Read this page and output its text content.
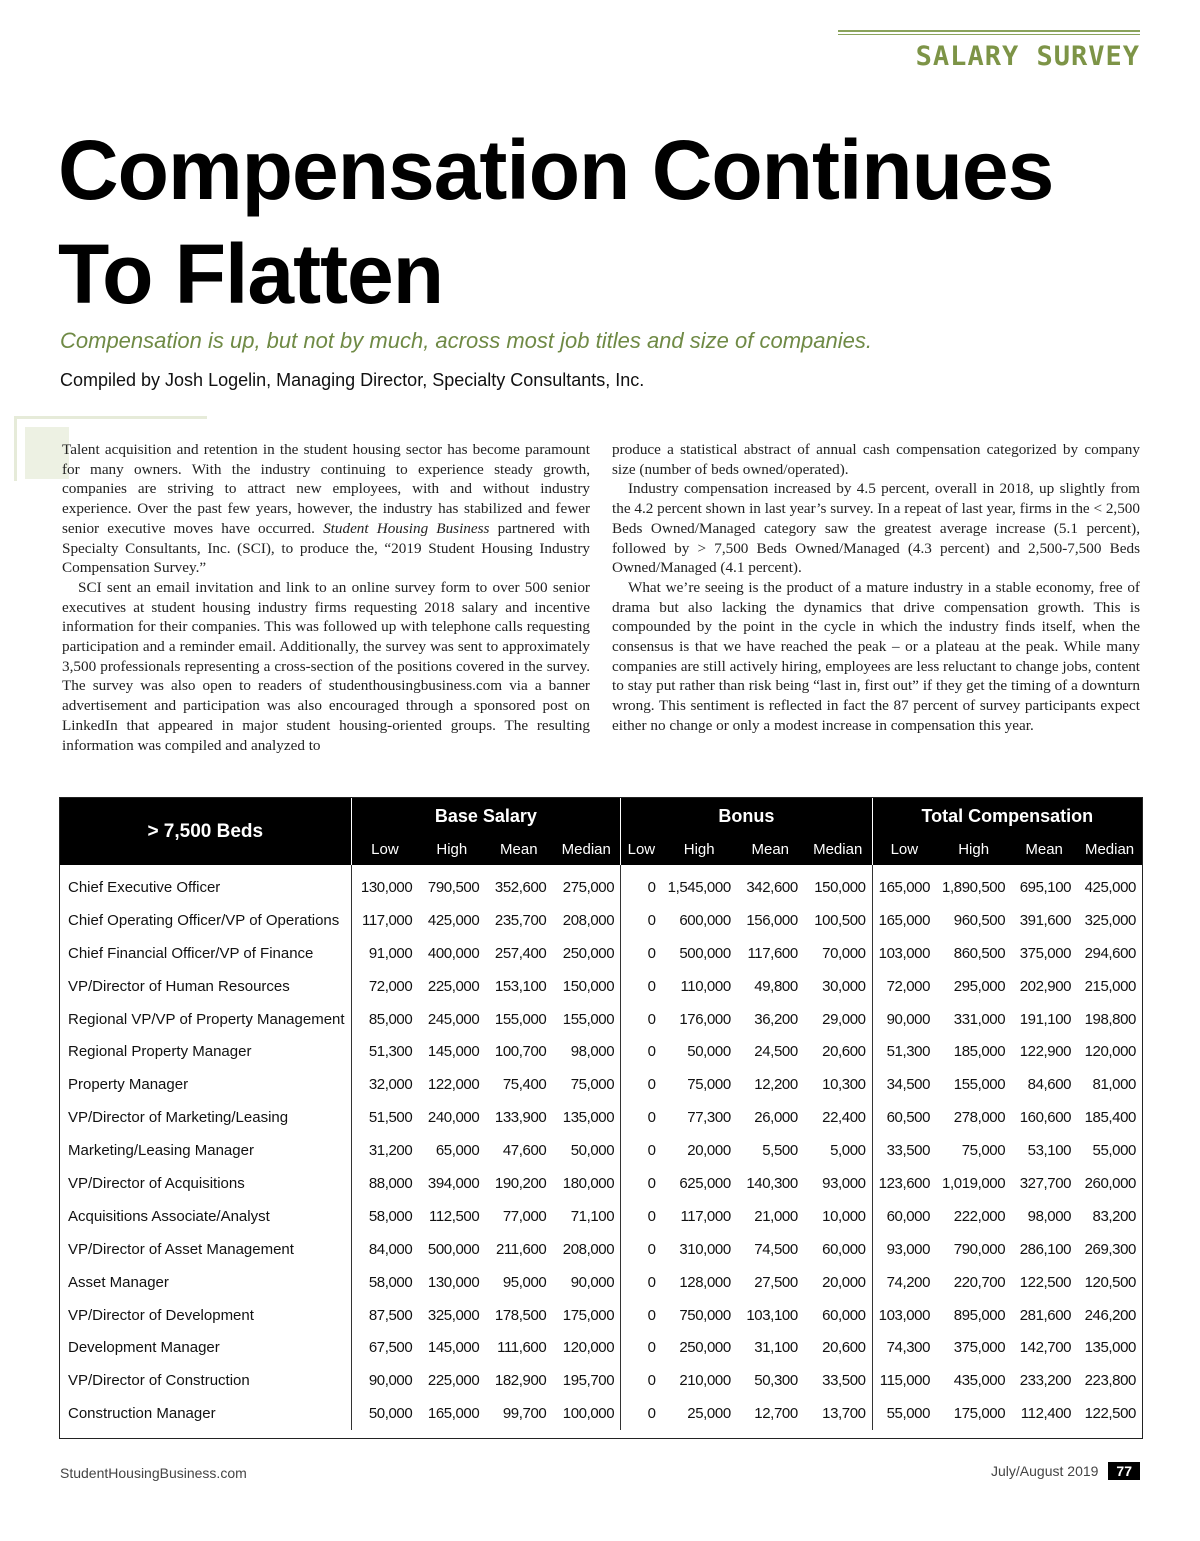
SALARY SURVEY
Compensation Continues To Flatten
Compensation is up, but not by much, across most job titles and size of companies.
Compiled by Josh Logelin, Managing Director, Specialty Consultants, Inc.

Talent acquisition and retention in the student housing sector has become paramount for many owners. With the industry continuing to experience steady growth, companies are striving to attract new employees, with and without industry experience. Over the past few years, however, the industry has stabilized and fewer senior executive moves have occurred. Student Housing Business partnered with Specialty Consultants, Inc. (SCI), to produce the, “2019 Student Housing Industry Compensation Survey.”

SCI sent an email invitation and link to an online survey form to over 500 senior executives at student housing industry firms requesting 2018 salary and incentive information for their companies. This was followed up with telephone calls requesting participation and a reminder email. Additionally, the survey was sent to approximately 3,500 professionals representing a cross-section of the positions covered in the survey. The survey was also open to readers of studenthousingbusiness.com via a banner advertisement and participation was also encouraged through a sponsored post on LinkedIn that appeared in major student housing-oriented groups. The resulting information was compiled and analyzed to

produce a statistical abstract of annual cash compensation categorized by company size (number of beds owned/operated).

Industry compensation increased by 4.5 percent, overall in 2018, up slightly from the 4.2 percent shown in last year’s survey. In a repeat of last year, firms in the < 2,500 Beds Owned/Managed category saw the greatest average increase (5.1 percent), followed by > 7,500 Beds Owned/Managed (4.3 percent) and 2,500-7,500 Beds Owned/Managed (4.1 percent).

What we’re seeing is the product of a mature industry in a stable economy, free of drama but also lacking the dynamics that drive compensation growth. This is compounded by the point in the cycle in which the industry finds itself, when the consensus is that we have reached the peak – or a plateau at the peak. While many companies are still actively hiring, employees are less reluctant to change jobs, content to stay put rather than risk being “last in, first out” if they get the timing of a downturn wrong. This sentiment is reflected in fact the 87 percent of survey participants expect either no change or only a modest increase in compensation this year.

> 7,500 Beds	Base Salary				Bonus				Total Compensation			
	Low	High	Mean	Median	Low	High	Mean	Median	Low	High	Mean	Median
Chief Executive Officer	130,000	790,500	352,600	275,000	0	1,545,000	342,600	150,000	165,000	1,890,500	695,100	425,000
Chief Operating Officer/VP of Operations	117,000	425,000	235,700	208,000	0	600,000	156,000	100,500	165,000	960,500	391,600	325,000
Chief Financial Officer/VP of Finance	91,000	400,000	257,400	250,000	0	500,000	117,600	70,000	103,000	860,500	375,000	294,600
VP/Director of Human Resources	72,000	225,000	153,100	150,000	0	110,000	49,800	30,000	72,000	295,000	202,900	215,000
Regional VP/VP of Property Management	85,000	245,000	155,000	155,000	0	176,000	36,200	29,000	90,000	331,000	191,100	198,800
Regional Property Manager	51,300	145,000	100,700	98,000	0	50,000	24,500	20,600	51,300	185,000	122,900	120,000
Property Manager	32,000	122,000	75,400	75,000	0	75,000	12,200	10,300	34,500	155,000	84,600	81,000
VP/Director of Marketing/Leasing	51,500	240,000	133,900	135,000	0	77,300	26,000	22,400	60,500	278,000	160,600	185,400
Marketing/Leasing Manager	31,200	65,000	47,600	50,000	0	20,000	5,500	5,000	33,500	75,000	53,100	55,000
VP/Director of Acquisitions	88,000	394,000	190,200	180,000	0	625,000	140,300	93,000	123,600	1,019,000	327,700	260,000
Acquisitions Associate/Analyst	58,000	112,500	77,000	71,100	0	117,000	21,000	10,000	60,000	222,000	98,000	83,200
VP/Director of Asset Management	84,000	500,000	211,600	208,000	0	310,000	74,500	60,000	93,000	790,000	286,100	269,300
Asset Manager	58,000	130,000	95,000	90,000	0	128,000	27,500	20,000	74,200	220,700	122,500	120,500
VP/Director of Development	87,500	325,000	178,500	175,000	0	750,000	103,100	60,000	103,000	895,000	281,600	246,200
Development Manager	67,500	145,000	111,600	120,000	0	250,000	31,100	20,600	74,300	375,000	142,700	135,000
VP/Director of Construction	90,000	225,000	182,900	195,700	0	210,000	50,300	33,500	115,000	435,000	233,200	223,800
Construction Manager	50,000	165,000	99,700	100,000	0	25,000	12,700	13,700	55,000	175,000	112,400	122,500
StudentHousingBusiness.com	July/August 2019	77
